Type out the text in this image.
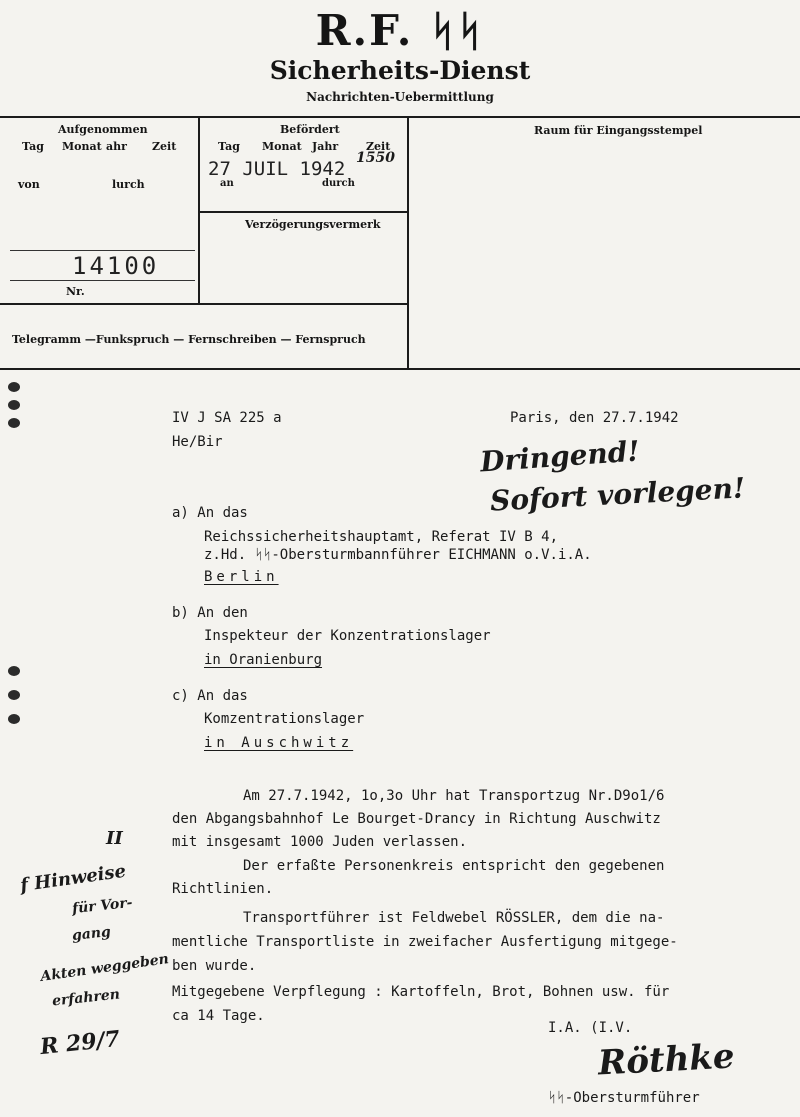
R.F. ᛋᛋ
Sicherheits-Dienst
Nachrichten-Uebermittlung
Aufgenommen
Tag Monat ahr Zeit
von	lurch
14100
Nr.
Befördert
Tag Monat Jahr	Zeit
27 JUIL 1942
an	durch
1550
Verzögerungsvermerk
Raum für Eingangsstempel
Telegramm —Funkspruch — Fernschreiben — Fernspruch
IV J SA 225 a
He/Bir
Paris, den 27.7.1942
Dringend!
Sofort vorlegen!
a) An das
Reichssicherheitshauptamt, Referat IV B 4,
z.Hd. ᛋᛋ-Obersturmbannführer EICHMANN o.V.i.A.
Berlin
b) An den
Inspekteur der Konzentrationslager
in Oranienburg
c) An das
Komzentrationslager
in Auschwitz
Am 27.7.1942, 1o,3o Uhr hat Transportzug Nr.D9o1/6
den Abgangsbahnhof Le Bourget-Drancy in Richtung Auschwitz
mit insgesamt 1000 Juden verlassen.
Der erfaßte Personenkreis entspricht den gegebenen
Richtlinien.
Transportführer ist Feldwebel RÖSSLER, dem die na-
mentliche Transportliste in zweifacher Ausfertigung mitgege-
ben wurde.
Mitgegebene Verpflegung : Kartoffeln, Brot, Bohnen usw. für
ca 14 Tage.
I.A. (I.V.
Röthke
ᛋᛋ-Obersturmführer
II
f Hinweise
für Vor-
gang
Akten weggeben
erfahren
R 29/7
